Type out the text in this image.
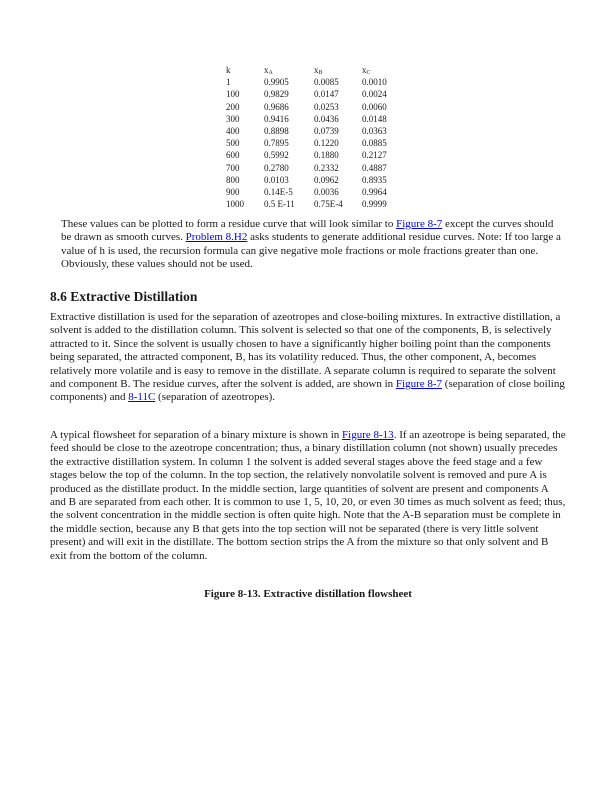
k	$x_A$	$x_B$	$x_C$
1	0.9905	0.0085	0.0010
100	0.9829	0.0147	0.0024
200	0.9686	0.0253	0.0060
300	0.9416	0.0436	0.0148
400	0.8898	0.0739	0.0363
500	0.7895	0.1220	0.0885
600	0.5992	0.1880	0.2127
700	0.2780	0.2332	0.4887
800	0.0103	0.0962	0.8935
900	0.14E-5	0.0036	0.9964
1000	0.5 E-11	0.75E-4	0.9999

These values can be plotted to form a residue curve that will look similar to Figure 8-7 except the curves should be drawn as smooth curves. Problem 8.H2 asks students to generate additional residue curves. Note: If too large a value of h is used, the recursion formula can give negative mole fractions or mole fractions greater than one. Obviously, these values should not be used.

8.6 Extractive Distillation

Extractive distillation is used for the separation of azeotropes and close-boiling mixtures. In extractive distillation, a solvent is added to the distillation column. This solvent is selected so that one of the components, B, is selectively attracted to it. Since the solvent is usually chosen to have a significantly higher boiling point than the components being separated, the attracted component, B, has its volatility reduced. Thus, the other component, A, becomes relatively more volatile and is easy to remove in the distillate. A separate column is required to separate the solvent and component B. The residue curves, after the solvent is added, are shown in Figure 8-7 (separation of close boiling components) and 8-11C (separation of azeotropes).

A typical flowsheet for separation of a binary mixture is shown in Figure 8-13. If an azeotrope is being separated, the feed should be close to the azeotrope concentration; thus, a binary distillation column (not shown) usually precedes the extractive distillation system. In column 1 the solvent is added several stages above the feed stage and a few stages below the top of the column. In the top section, the relatively nonvolatile solvent is removed and pure A is produced as the distillate product. In the middle section, large quantities of solvent are present and components A and B are separated from each other. It is common to use 1, 5, 10, 20, or even 30 times as much solvent as feed; thus, the solvent concentration in the middle section is often quite high. Note that the A-B separation must be complete in the middle section, because any B that gets into the top section will not be separated (there is very little solvent present) and will exit in the distillate. The bottom section strips the A from the mixture so that only solvent and B exit from the bottom of the column.

Figure 8-13. Extractive distillation flowsheet
